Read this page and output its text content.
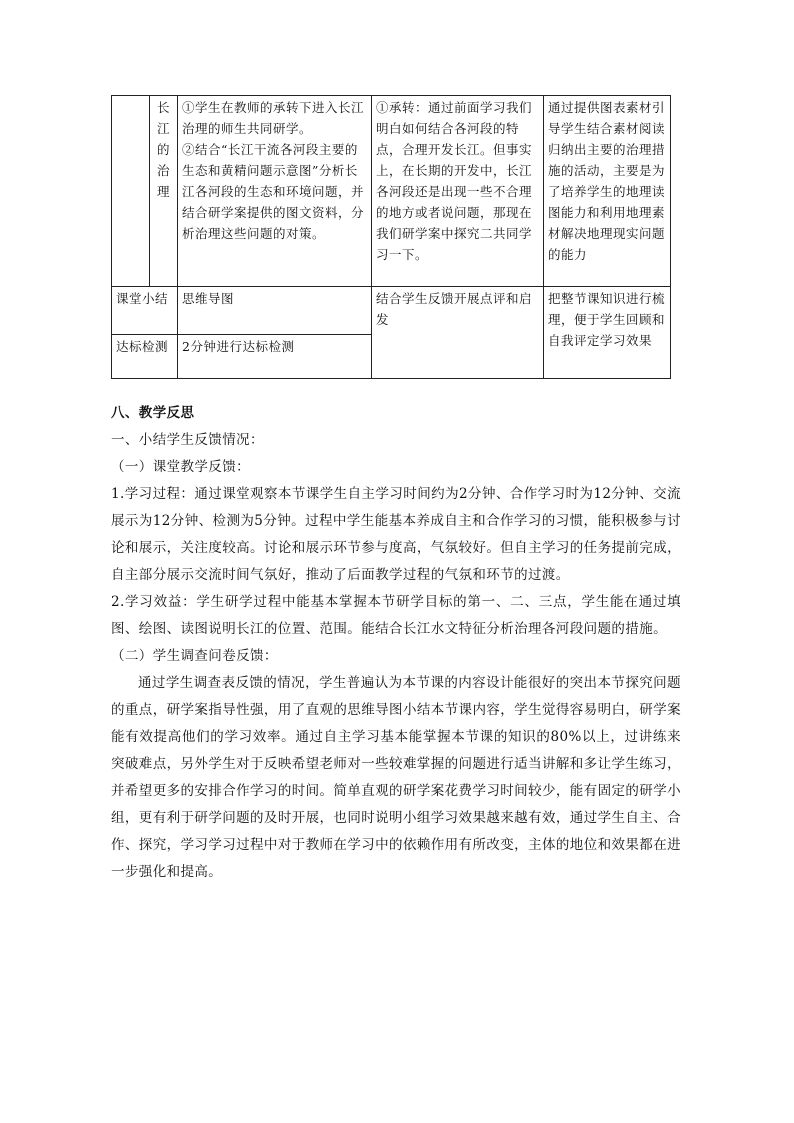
	长江的治理	①学生在教师的承转下进入长江治理的师生共同研学。
②结合“长江干流各河段主要的生态和黄精问题示意图”分析长江各河段的生态和环境问题，并结合研学案提供的图文资料，分析治理这些问题的对策。	①承转：通过前面学习我们明白如何结合各河段的特点，合理开发长江。但事实上，在长期的开发中，长江各河段还是出现一些不合理的地方或者说问题，那现在我们研学案中探究二共同学习一下。	通过提供图表素材引导学生结合素材阅读归纳出主要的治理措施的活动，主要是为了培养学生的地理读图能力和利用地理素材解决地理现实问题的能力
课堂小结		思维导图	结合学生反馈开展点评和启发	把整节课知识进行梳理，便于学生回顾和自我评定学习效果
达标检测		2分钟进行达标检测		
八、教学反思
一、小结学生反馈情况：
（一）课堂教学反馈：

1.学习过程：通过课堂观察本节课学生自主学习时间约为2分钟、合作学习时为12分钟、交流展示为12分钟、检测为5分钟。过程中学生能基本养成自主和合作学习的习惯，能积极参与讨论和展示，关注度较高。讨论和展示环节参与度高，气氛较好。但自主学习的任务提前完成，自主部分展示交流时间气氛好，推动了后面教学过程的气氛和环节的过渡。

2.学习效益：学生研学过程中能基本掌握本节研学目标的第一、二、三点，学生能在通过填图、绘图、读图说明长江的位置、范围。能结合长江水文特征分析治理各河段问题的措施。

（二）学生调查问卷反馈：

通过学生调查表反馈的情况，学生普遍认为本节课的内容设计能很好的突出本节探究问题的重点，研学案指导性强，用了直观的思维导图小结本节课内容，学生觉得容易明白，研学案能有效提高他们的学习效率。通过自主学习基本能掌握本节课的知识的80%以上，过讲练来突破难点，另外学生对于反映希望老师对一些较难掌握的问题进行适当讲解和多让学生练习，并希望更多的安排合作学习的时间。简单直观的研学案花费学习时间较少，能有固定的研学小组，更有利于研学问题的及时开展，也同时说明小组学习效果越来越有效，通过学生自主、合作、探究，学习学习过程中对于教师在学习中的依赖作用有所改变，主体的地位和效果都在进一步强化和提高。
